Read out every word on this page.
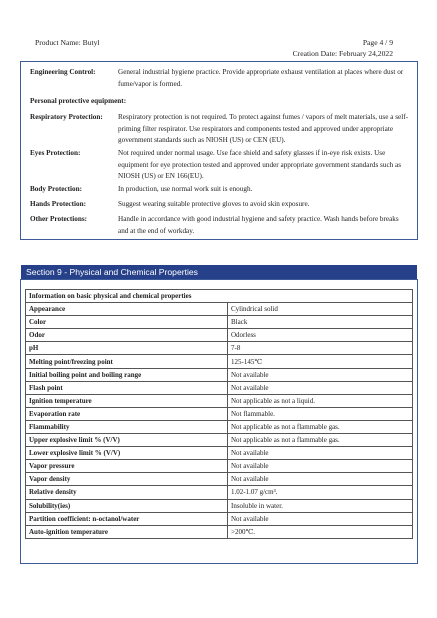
Product Name: Butyl	Page 4 / 9
Creation Date: February 24,2022
Engineering Control:	General industrial hygiene practice. Provide appropriate exhaust ventilation at places where dust or fume/vapor is formed.
Personal protective equipment:
Respiratory Protection:	Respiratory protection is not required. To protect against fumes / vapors of melt materials, use a self-priming filter respirator. Use respirators and components tested and approved under appropriate government standards such as NIOSH (US) or CEN (EU).
Eyes Protection:	Not required under normal usage. Use face shield and safety glasses if in-eye risk exists. Use equipment for eye protection tested and approved under appropriate government standards such as NIOSH (US) or EN 166(EU).
Body Protection:	In production, use normal work suit is enough.
Hands Protection:	Suggest wearing suitable protective gloves to avoid skin exposure.
Other Protections:	Handle in accordance with good industrial hygiene and safety practice. Wash hands before breaks and at the end of workday.
Section 9 - Physical and Chemical Properties
Information on basic physical and chemical properties	
Appearance	Cylindrical solid
Color	Black
Odor	Odorless
pH	7-8
Melting point/freezing point	125-145℃
Initial boiling point and boiling range	Not available
Flash point	Not available
Ignition temperature	Not applicable as not a liquid.
Evaporation rate	Not flammable.
Flammability	Not applicable as not a flammable gas.
Upper explosive limit % (V/V)	Not applicable as not a flammable gas.
Lower explosive limit % (V/V)	Not available
Vapor pressure	Not available
Vapor density	Not available
Relative density	1.02-1.07 g/cm³.
Solubility(ies)	Insoluble in water.
Partition coefficient: n-octanol/water	Not available
Auto-ignition temperature	>200℃.
